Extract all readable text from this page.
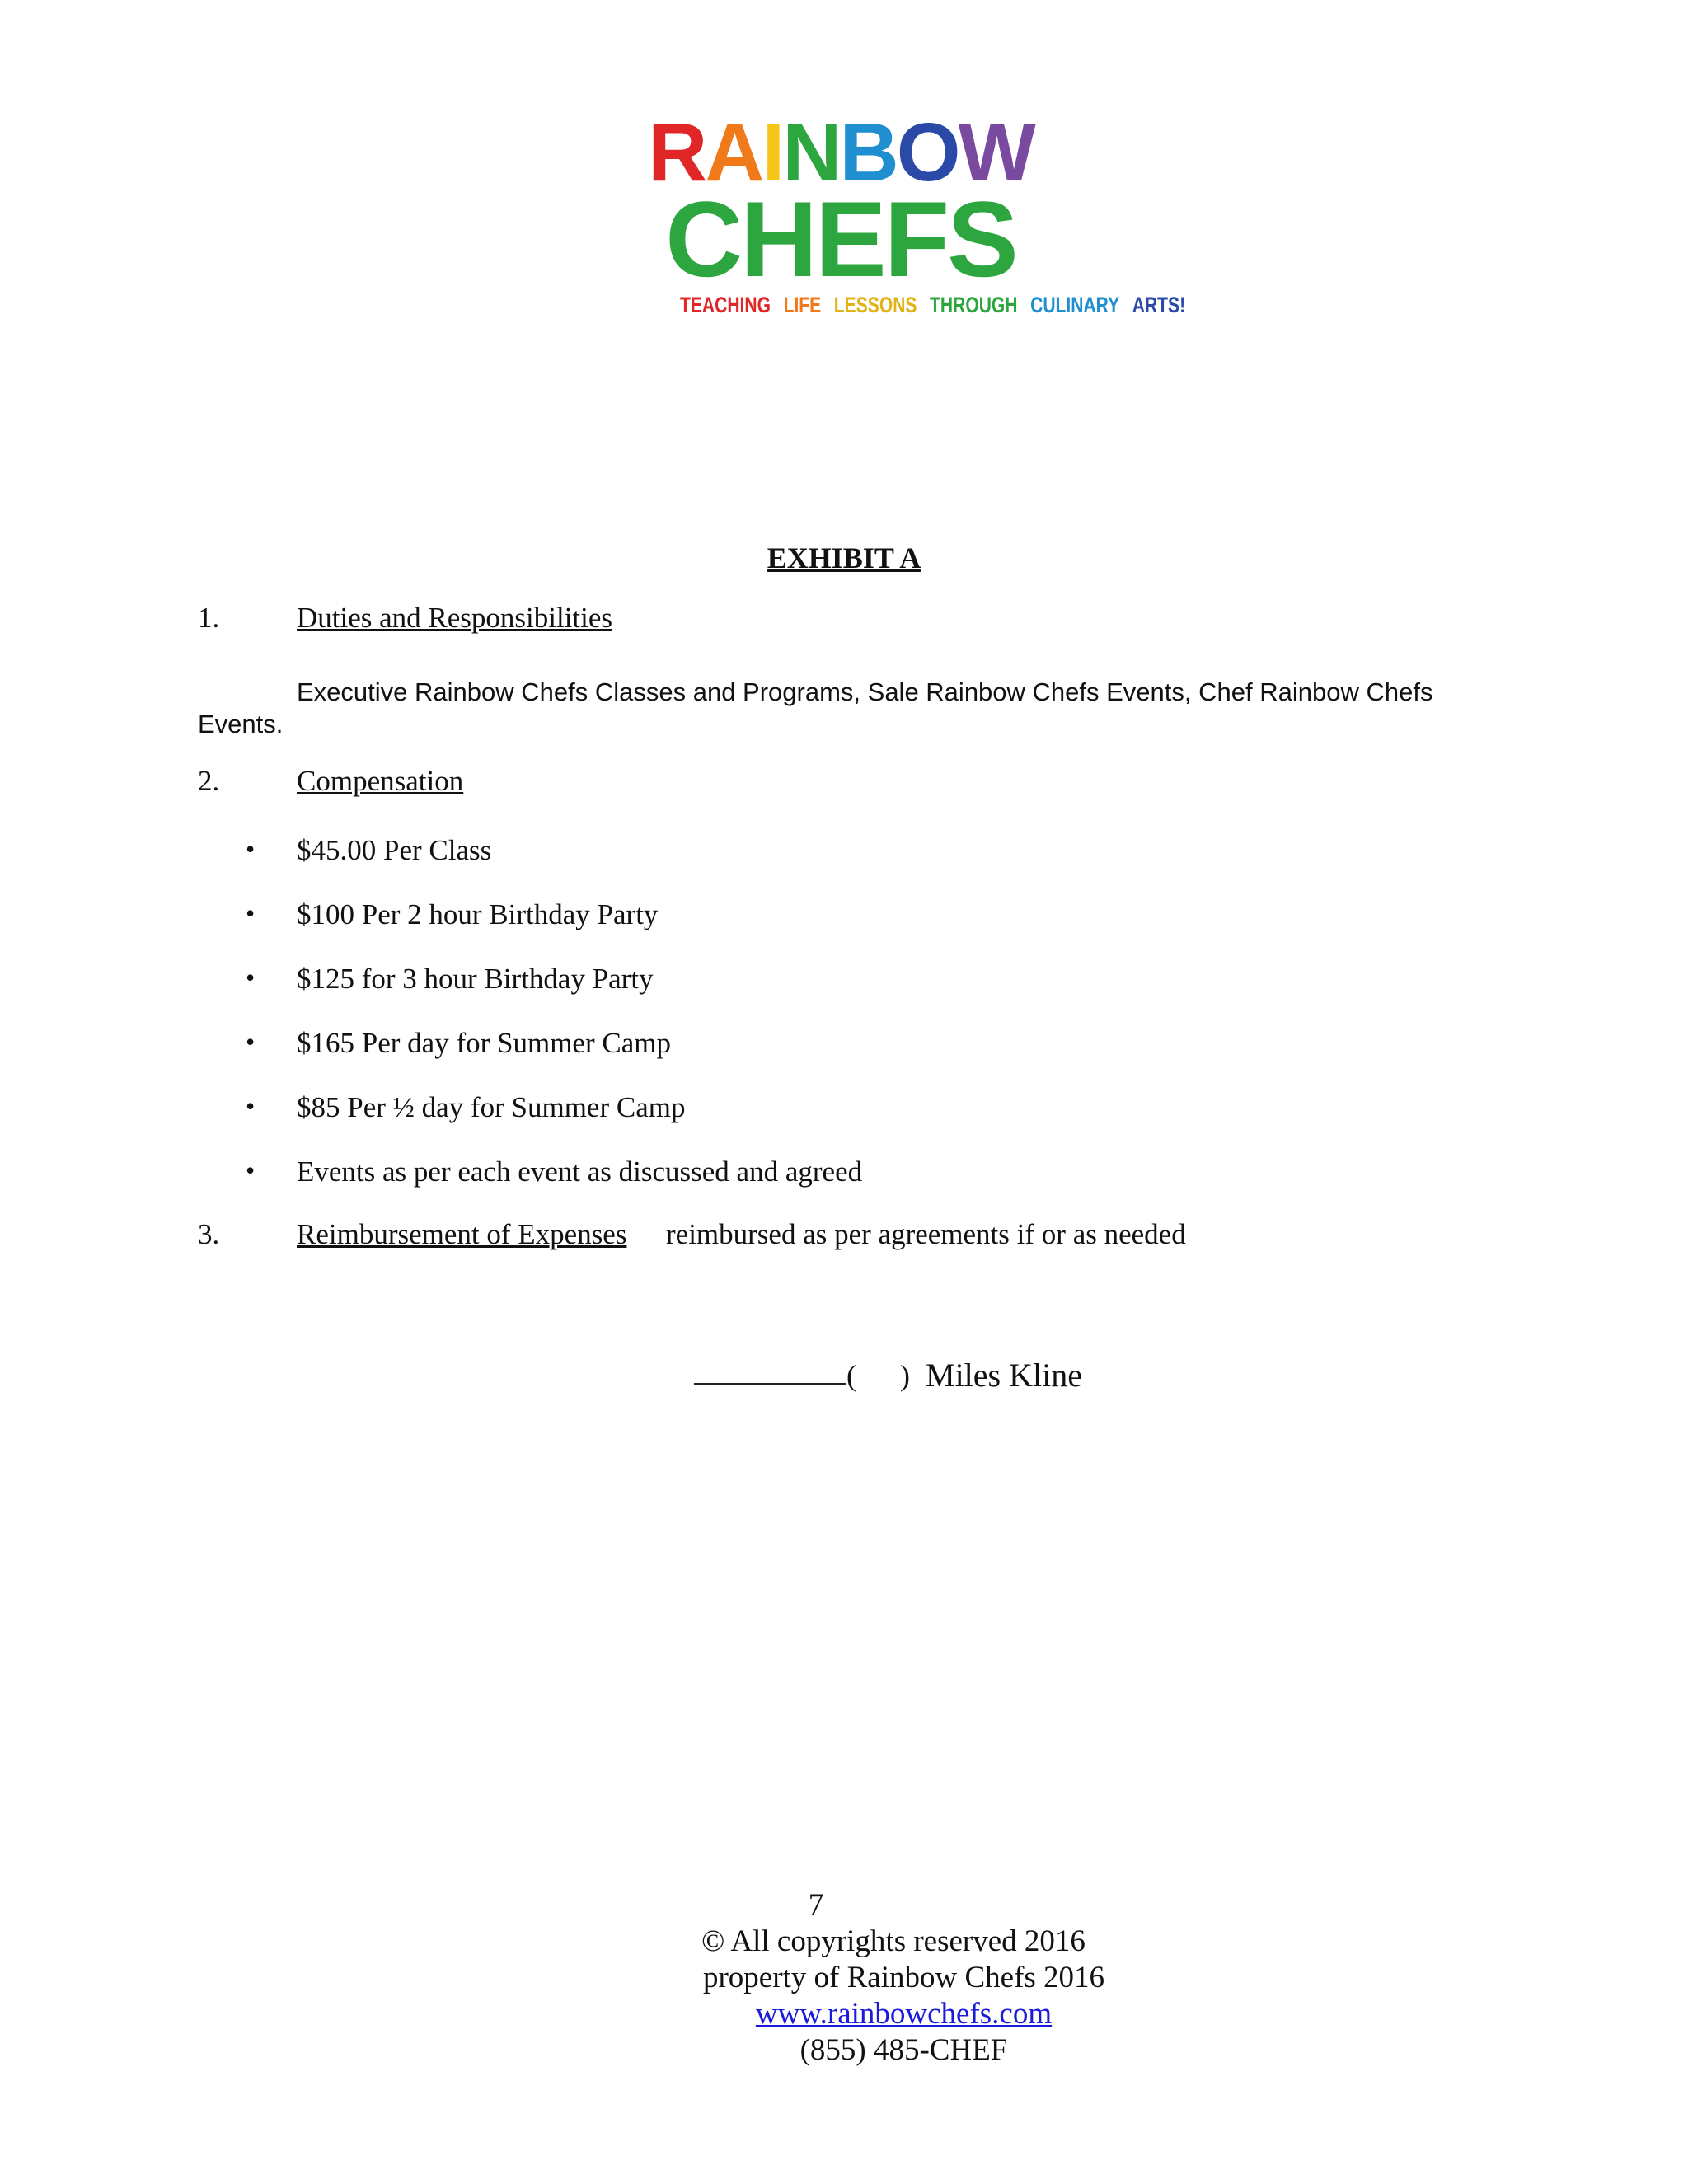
RAINBOW
CHEFS
TEACHING LIFE LESSONS THROUGH CULINARY ARTS!
EXHIBIT A
1.	Duties and Responsibilities
Executive Rainbow Chefs Classes and Programs, Sale Rainbow Chefs Events, Chef Rainbow Chefs Events.
2.	Compensation
• $45.00 Per Class
• $100 Per 2 hour Birthday Party
• $125 for 3 hour Birthday Party
• $165 Per day for Summer Camp
• $85 Per ½ day for Summer Camp
• Events as per each event as discussed and agreed
3.	Reimbursement of Expenses reimbursed as per agreements if or as needed
( ) Miles Kline
7
© All copyrights reserved 2016
property of Rainbow Chefs 2016
www.rainbowchefs.com
(855) 485-CHEF
